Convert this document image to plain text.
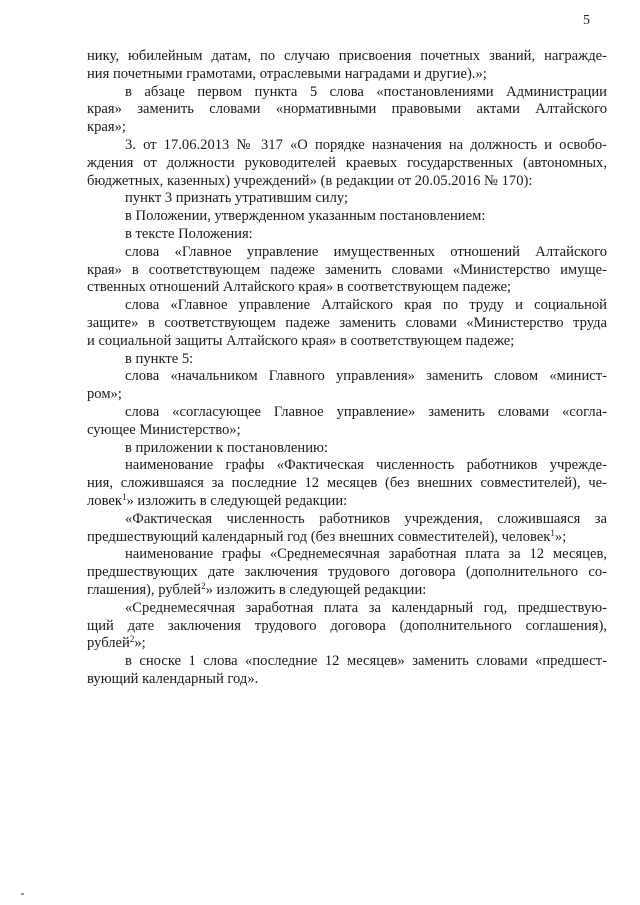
5
нику, юбилейным датам, по случаю присвоения почетных званий, награжде-
ния почетными грамотами, отраслевыми наградами и другие).»;
в абзаце первом пункта 5 слова «постановлениями Администрации
края» заменить словами «нормативными правовыми актами Алтайского
края»;
3. от 17.06.2013 № 317 «О порядке назначения на должность и освобо-
ждения от должности руководителей краевых государственных (автономных,
бюджетных, казенных) учреждений» (в редакции от 20.05.2016 № 170):
пункт 3 признать утратившим силу;
в Положении, утвержденном указанным постановлением:
в тексте Положения:
слова «Главное управление имущественных отношений Алтайского
края» в соответствующем падеже заменить словами «Министерство имуще-
ственных отношений Алтайского края» в соответствующем падеже;
слова «Главное управление Алтайского края по труду и социальной
защите» в соответствующем падеже заменить словами «Министерство труда
и социальной защиты Алтайского края» в соответствующем падеже;
в пункте 5:
слова «начальником Главного управления» заменить словом «минист-
ром»;
слова «согласующее Главное управление» заменить словами «согла-
сующее Министерство»;
в приложении к постановлению:
наименование графы «Фактическая численность работников учрежде-
ния, сложившаяся за последние 12 месяцев (без внешних совместителей), че-
ловек$^1$» изложить в следующей редакции:
«Фактическая численность работников учреждения, сложившаяся за
предшествующий календарный год (без внешних совместителей), человек$^1$»;
наименование графы «Среднемесячная заработная плата за 12 месяцев,
предшествующих дате заключения трудового договора (дополнительного со-
глашения), рублей$^2$» изложить в следующей редакции:
«Среднемесячная заработная плата за календарный год, предшествую-
щий дате заключения трудового договора (дополнительного соглашения),
рублей$^2$»;
в сноске 1 слова «последние 12 месяцев» заменить словами «предшест-
вующий календарный год».
